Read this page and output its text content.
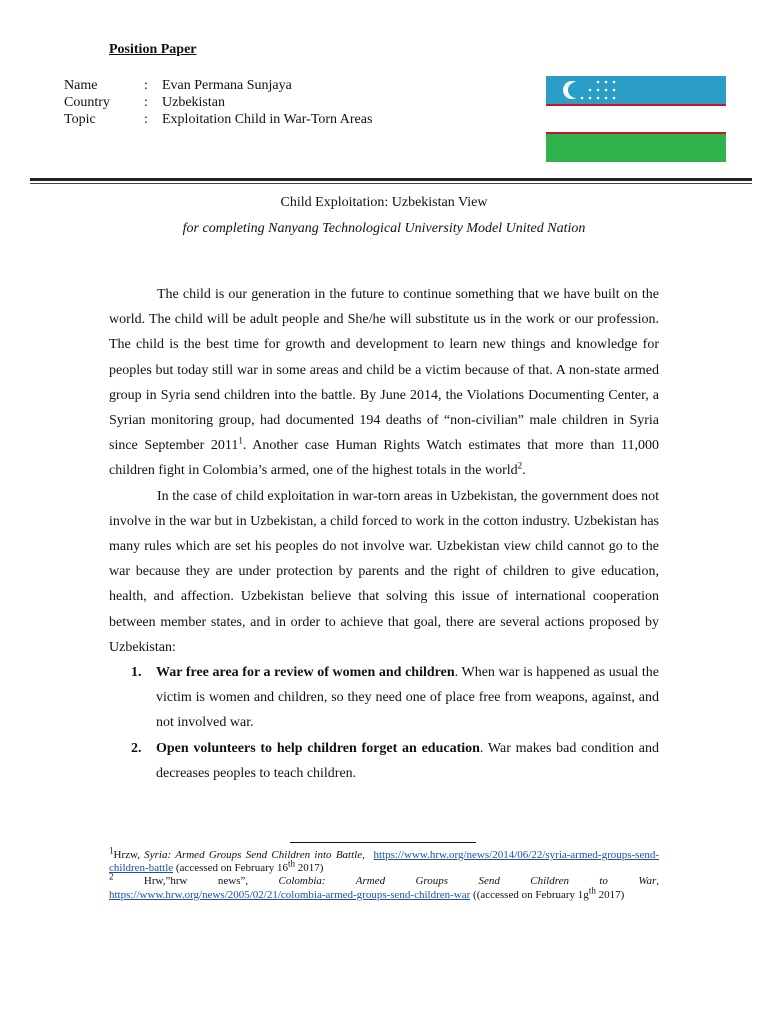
Position Paper
Name	:	Evan Permana Sunjaya
Country	:	Uzbekistan
Topic	:	Exploitation Child in War-Torn Areas
Child Exploitation: Uzbekistan View
for completing Nanyang Technological University Model United Nation

The child is our generation in the future to continue something that we have built on the world. The child will be adult people and She/he will substitute us in the work or our profession. The child is the best time for growth and development to learn new things and knowledge for peoples but today still war in some areas and child be a victim because of that. A non-state armed group in Syria send children into the battle. By June 2014, the Violations Documenting Center, a Syrian monitoring group, had documented 194 deaths of “non-civilian” male children in Syria since September 2011$^1$. Another case Human Rights Watch estimates that more than 11,000 children fight in Colombia’s armed, one of the highest totals in the world$^2$.

In the case of child exploitation in war-torn areas in Uzbekistan, the government does not involve in the war but in Uzbekistan, a child forced to work in the cotton industry. Uzbekistan has many rules which are set his peoples do not involve war. Uzbekistan view child cannot go to the war because they are under protection by parents and the right of children to give education, health, and affection. Uzbekistan believe that solving this issue of international cooperation between member states, and in order to achieve that goal, there are several actions proposed by Uzbekistan:

1. War free area for a review of women and children. When war is happened as usual the victim is women and children, so they need one of place free from weapons, against, and not involved war.
2. Open volunteers to help children forget an education. War makes bad condition and decreases peoples to teach children.
$^1$Hrzw, Syria: Armed Groups Send Children into Battle, https://www.hrw.org/news/2014/06/22/syria-armed-groups-send-children-battle (accessed on February 16th 2017)
$^2$ Hrw,”hrw news”, Colombia: Armed Groups Send Children to War, https://www.hrw.org/news/2005/02/21/colombia-armed-groups-send-children-war ((accessed on February $1g^{th}$ 2017)
